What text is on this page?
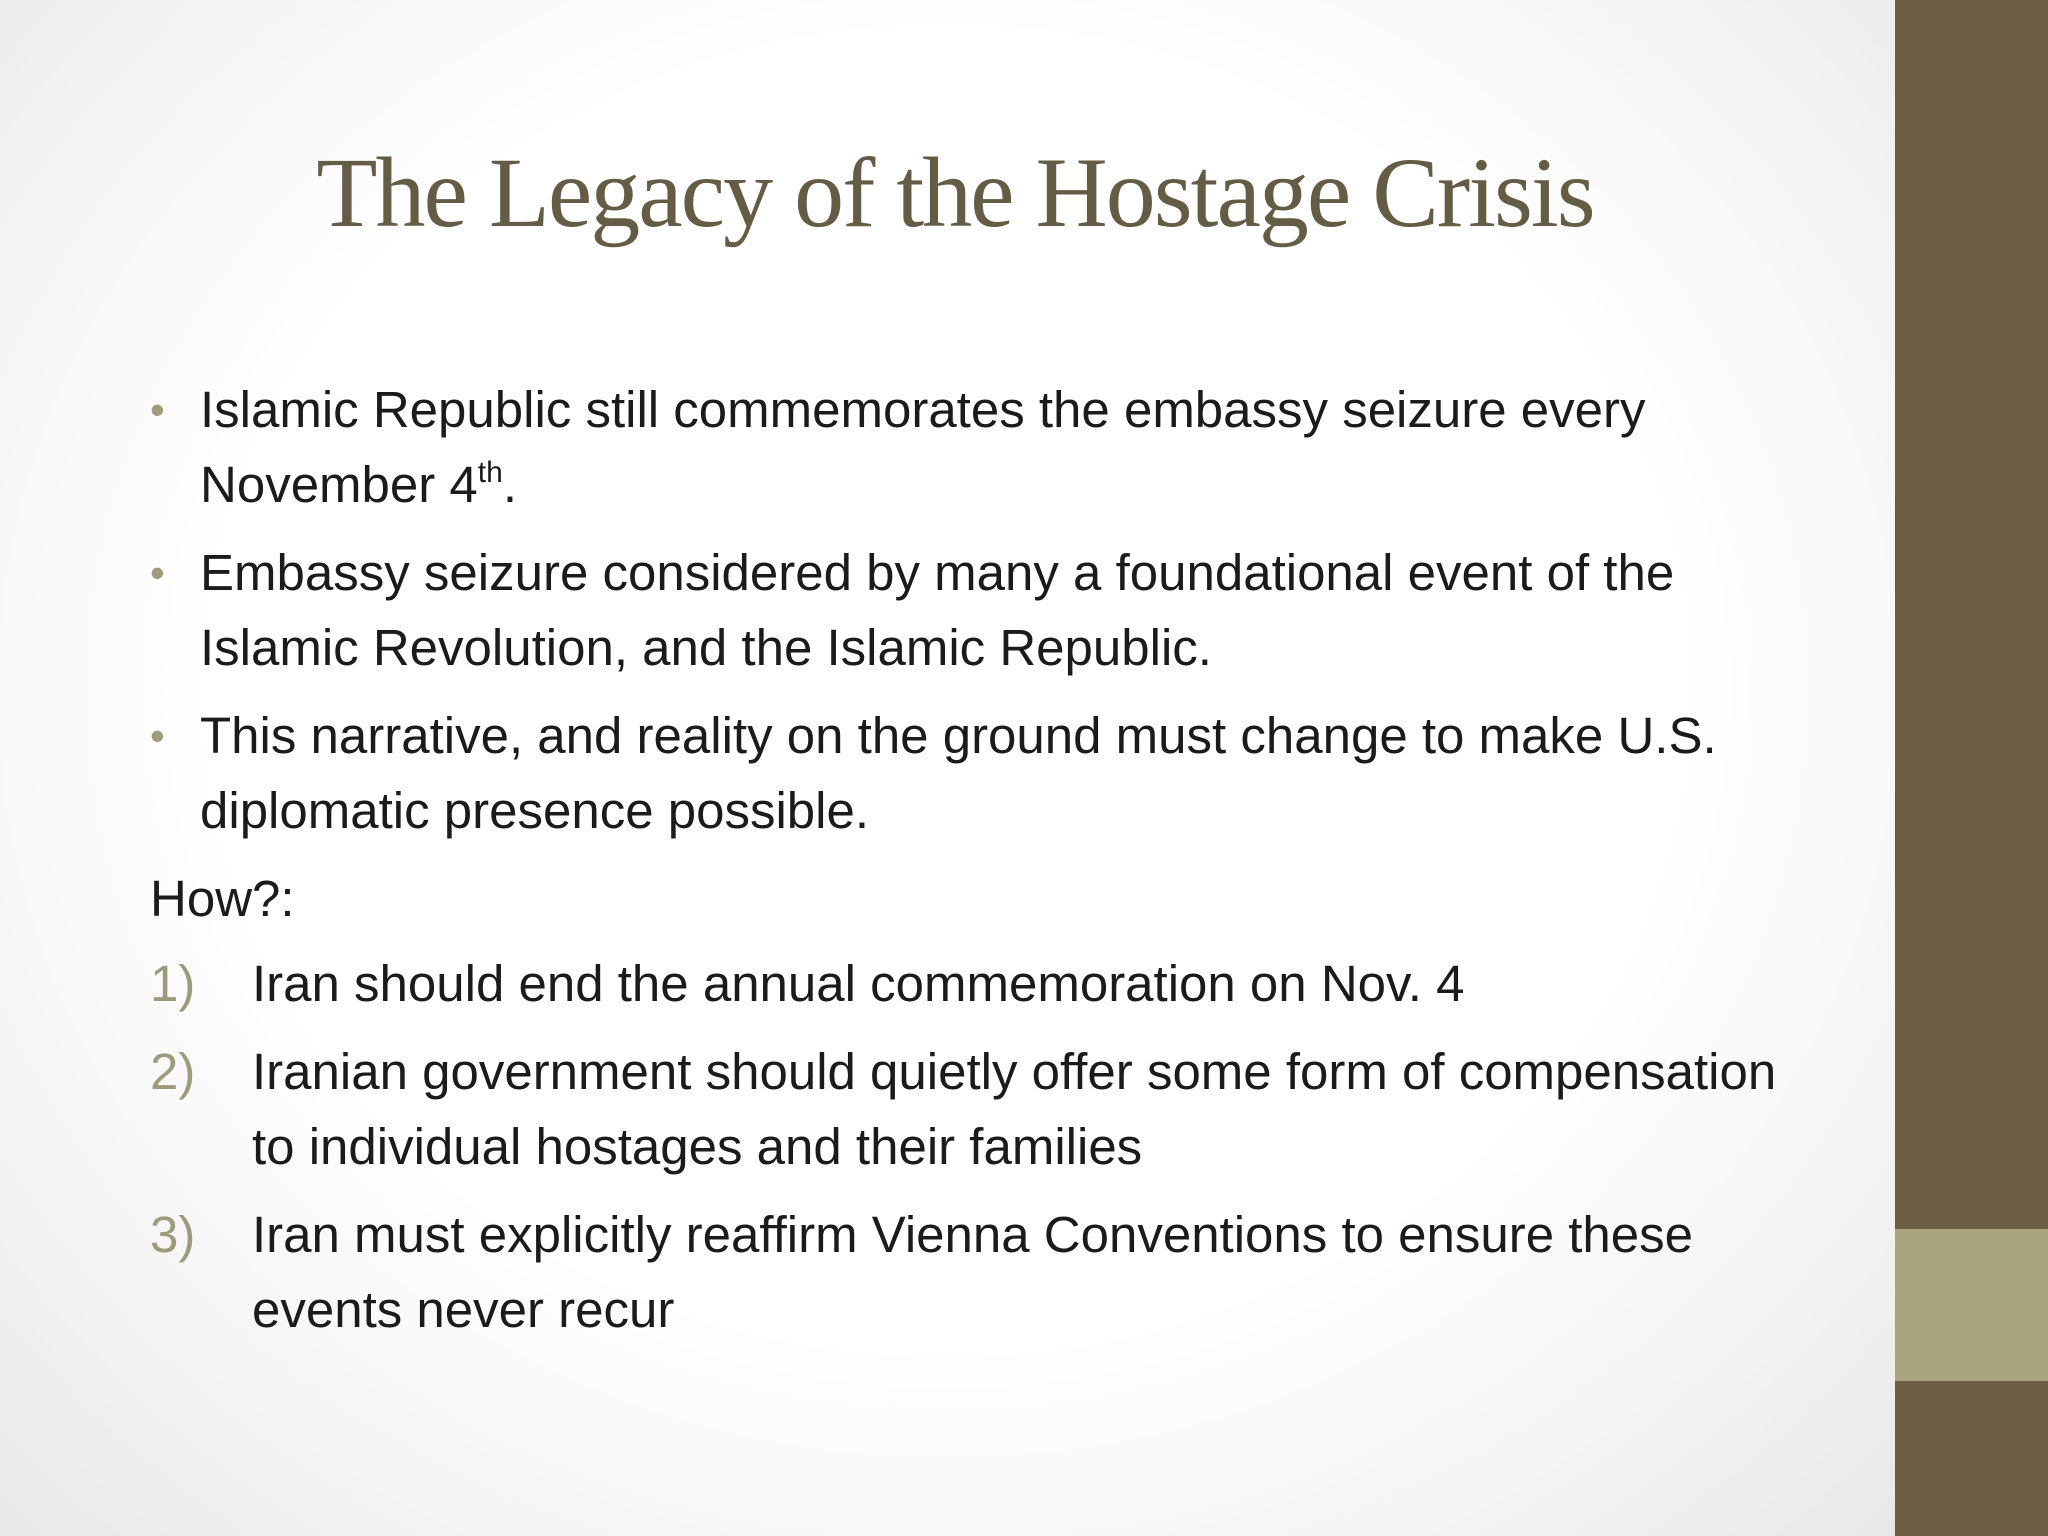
The Legacy of the Hostage Crisis
• Islamic Republic still commemorates the embassy seizure every November 4th.
• Embassy seizure considered by many a foundational event of the Islamic Revolution, and the Islamic Republic.
• This narrative, and reality on the ground must change to make U.S. diplomatic presence possible.
How?:
1) Iran should end the annual commemoration on Nov. 4
2) Iranian government should quietly offer some form of compensation to individual hostages and their families
3) Iran must explicitly reaffirm Vienna Conventions to ensure these events never recur
